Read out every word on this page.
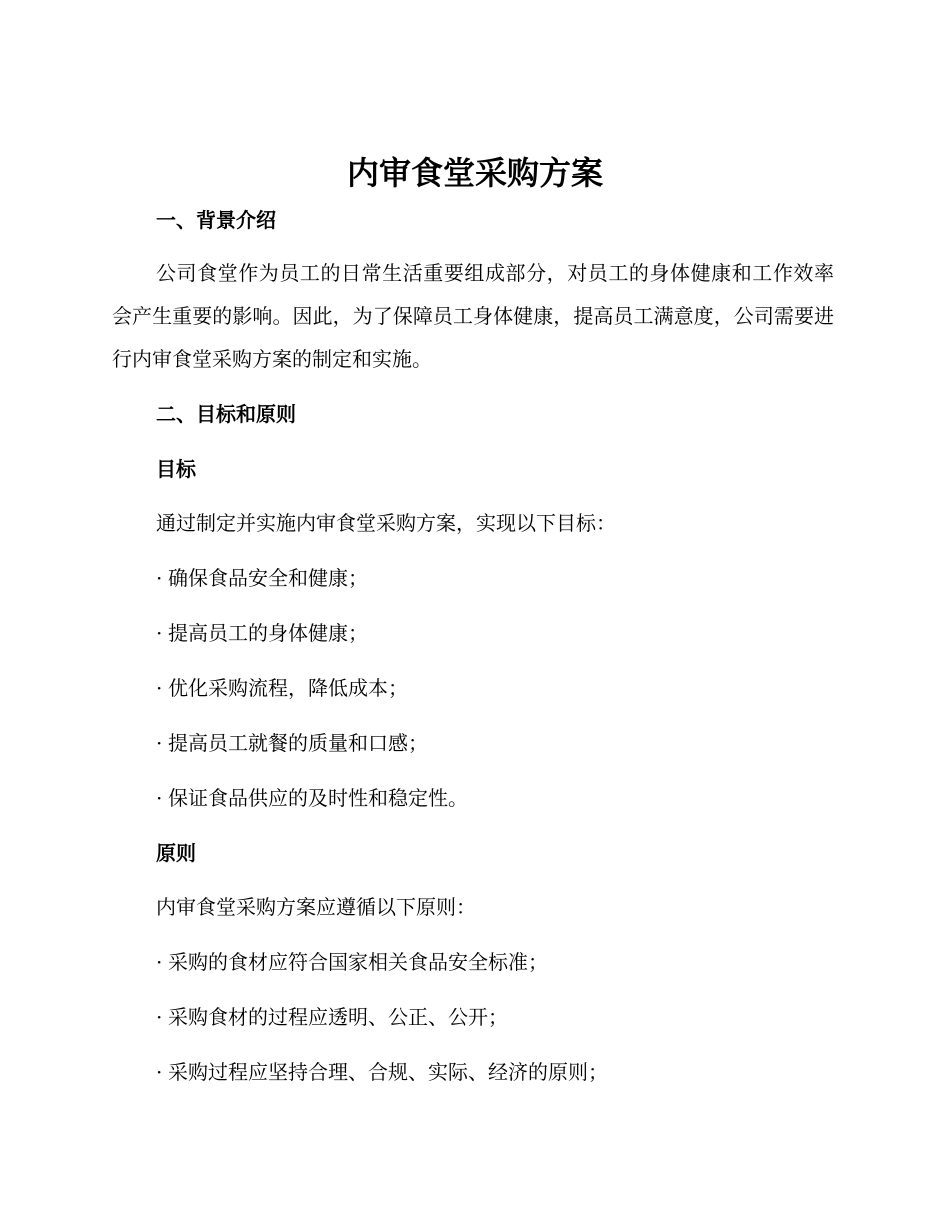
内审食堂采购方案
一、背景介绍
公司食堂作为员工的日常生活重要组成部分，对员工的身体健康和工作效率会产生重要的影响。因此，为了保障员工身体健康，提高员工满意度，公司需要进行内审食堂采购方案的制定和实施。
二、目标和原则
目标
通过制定并实施内审食堂采购方案，实现以下目标：
· 确保食品安全和健康；
· 提高员工的身体健康；
· 优化采购流程，降低成本；
· 提高员工就餐的质量和口感；
· 保证食品供应的及时性和稳定性。
原则
内审食堂采购方案应遵循以下原则：
· 采购的食材应符合国家相关食品安全标准；
· 采购食材的过程应透明、公正、公开；
· 采购过程应坚持合理、合规、实际、经济的原则；
